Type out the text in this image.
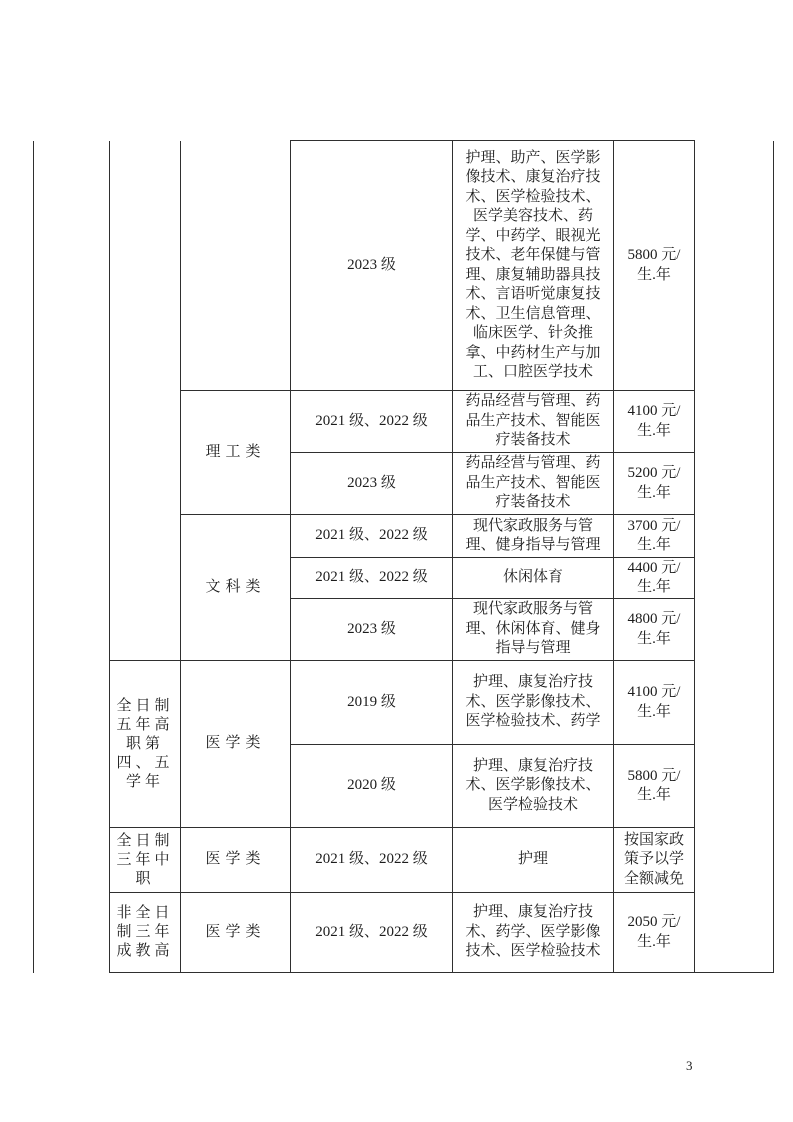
			2023 级	护理、助产、医学影像技术、康复治疗技术、医学检验技术、医学美容技术、药学、中药学、眼视光技术、老年保健与管理、康复辅助器具技术、言语听觉康复技术、卫生信息管理、临床医学、针灸推拿、中药材生产与加工、口腔医学技术	5800 元/生.年	
		理工类	2021 级、2022 级	药品经营与管理、药品生产技术、智能医疗装备技术	4100 元/生.年	
			2023 级	药品经营与管理、药品生产技术、智能医疗装备技术	5200 元/生.年	
		文科类	2021 级、2022 级	现代家政服务与管理、健身指导与管理	3700 元/生.年	
			2021 级、2022 级	休闲体育	4400 元/生.年	
			2023 级	现代家政服务与管理、休闲体育、健身指导与管理	4800 元/生.年	
	全日制五年高职第四、五学年	医学类	2019 级	护理、康复治疗技术、医学影像技术、医学检验技术、药学	4100 元/生.年	
			2020 级	护理、康复治疗技术、医学影像技术、医学检验技术	5800 元/生.年	
	全日制三年中职	医学类	2021 级、2022 级	护理	按国家政策予以学全额减免	
	非全日制三年成教高	医学类	2021 级、2022 级	护理、康复治疗技术、药学、医学影像技术、医学检验技术	2050 元/生.年	
3
